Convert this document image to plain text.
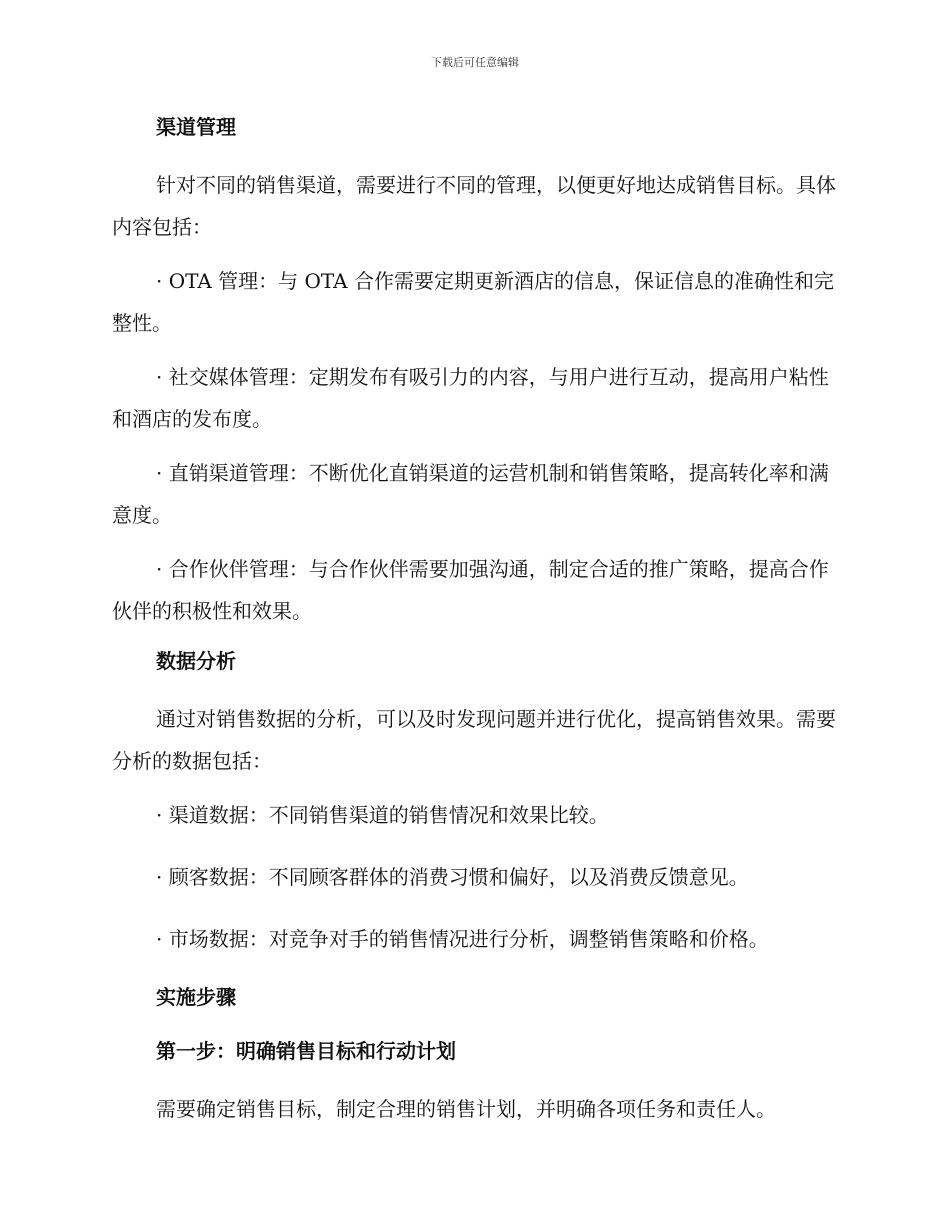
下载后可任意编辑
渠道管理

针对不同的销售渠道，需要进行不同的管理，以便更好地达成销售目标。具体内容包括：

· OTA 管理：与 OTA 合作需要定期更新酒店的信息，保证信息的准确性和完整性。

· 社交媒体管理：定期发布有吸引力的内容，与用户进行互动，提高用户粘性和酒店的发布度。

· 直销渠道管理：不断优化直销渠道的运营机制和销售策略，提高转化率和满意度。

· 合作伙伴管理：与合作伙伴需要加强沟通，制定合适的推广策略，提高合作伙伴的积极性和效果。

数据分析

通过对销售数据的分析，可以及时发现问题并进行优化，提高销售效果。需要分析的数据包括：

· 渠道数据：不同销售渠道的销售情况和效果比较。

· 顾客数据：不同顾客群体的消费习惯和偏好，以及消费反馈意见。

· 市场数据：对竞争对手的销售情况进行分析，调整销售策略和价格。

实施步骤
第一步：明确销售目标和行动计划

需要确定销售目标，制定合理的销售计划，并明确各项任务和责任人。
